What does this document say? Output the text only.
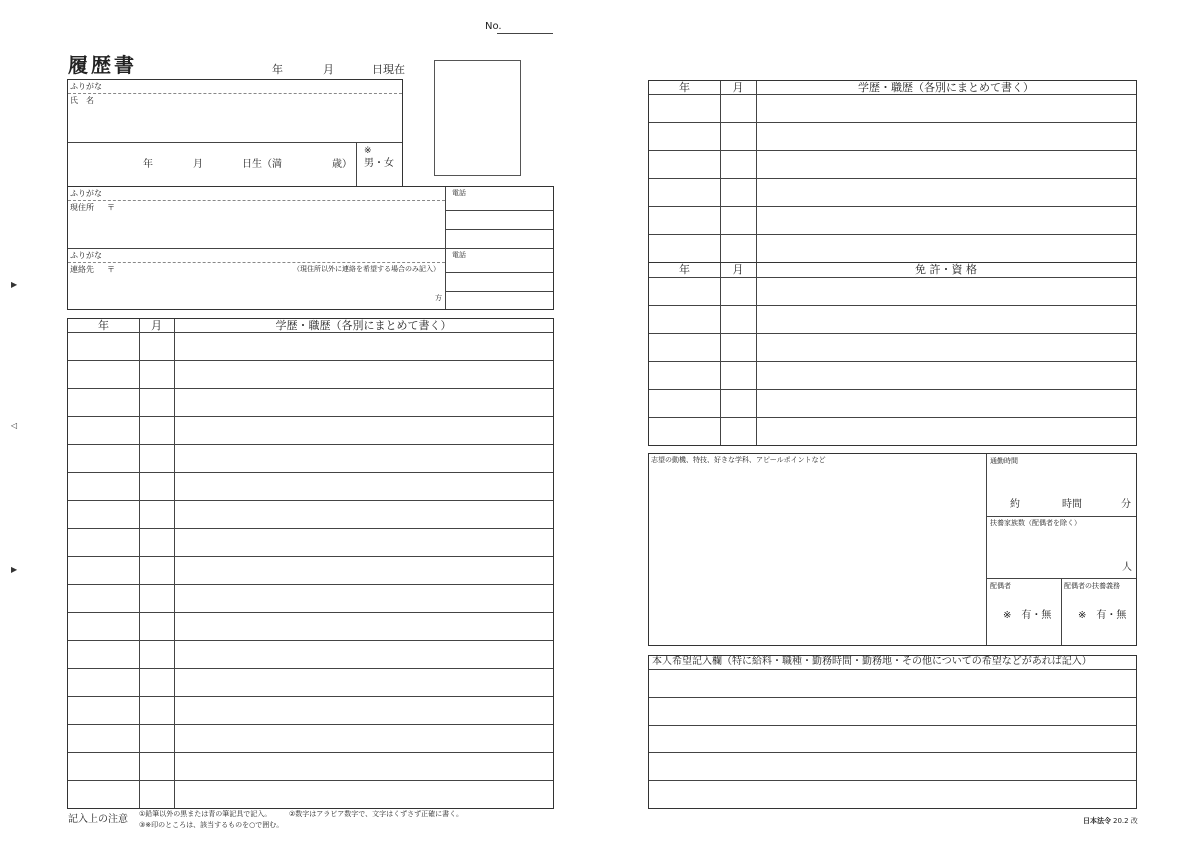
▶
◁
▶
No.
履歴書	年	月	日現在
ふりがな
氏　名
年	月	日生（満	歳）
※
男・女
ふりがな
現住所 〒
電話
ふりがな
連絡先 〒	（現住所以外に連絡を希望する場合のみ記入）
電話
方
年	月	学歴・職歴（各別にまとめて書く）
記入上の注意 ①鉛筆以外の黒または青の筆記具で記入。	②数字はアラビア数字で、文字はくずさず正確に書く。
③※印のところは、該当するものを○で囲む。
年	月	学歴・職歴（各別にまとめて書く）
年	月	免 許・資 格
志望の動機、特技、好きな学科、アピールポイントなど	通勤時間
約	時間	分
扶養家族数（配偶者を除く）
人
配偶者
※　有・無
配偶者の扶養義務
※　有・無
本人希望記入欄（特に給料・職種・勤務時間・勤務地・その他についての希望などがあれば記入）
日本法令 20.2 改
